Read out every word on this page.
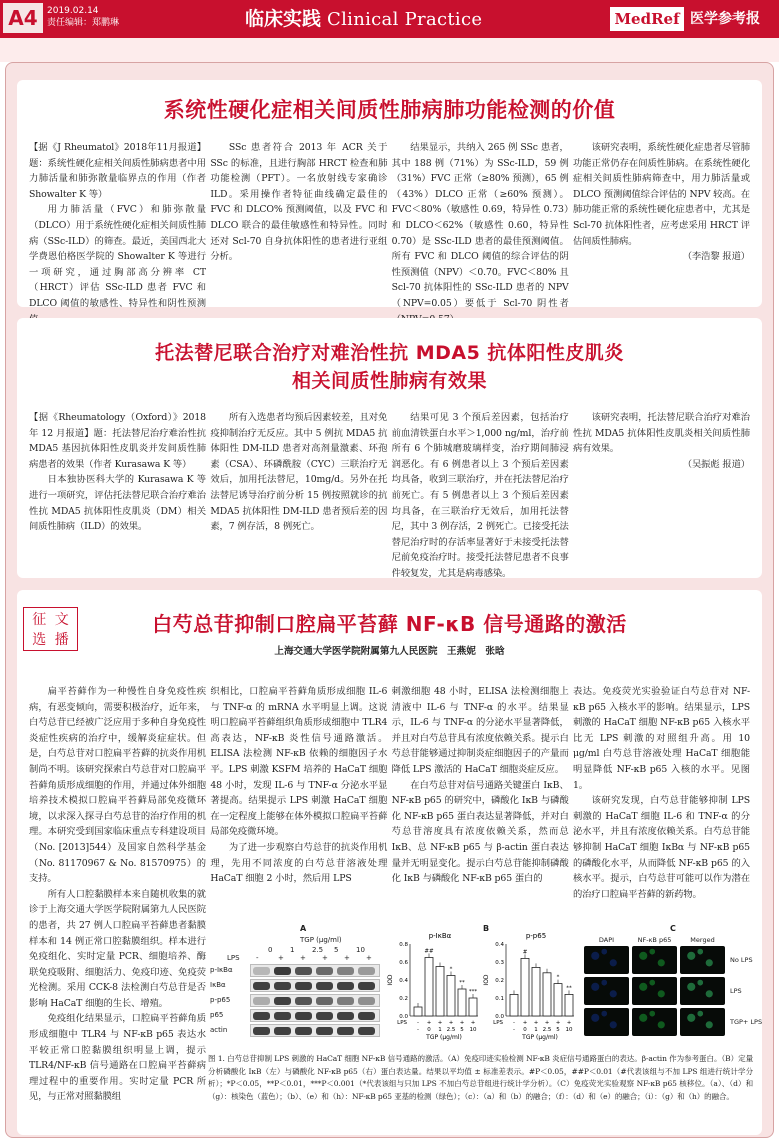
A4	2019.02.14
责任编辑：郑鹏琳	临床实践 Clinical Practice	MedRef 医学参考报
系统性硬化症相关间质性肺病肺功能检测的价值

【据《J Rheumatol》2018年11月报道】题：系统性硬化症相关间质性肺病患者中用力肺活量和肺弥散量临界点的作用（作者 Showalter K 等）

用力肺活量（FVC）和肺弥散量（DLCO）用于系统性硬化症相关间质性肺病（SSc-ILD）的筛查。最近，美国西北大学费恩伯格医学院的 Showalter K 等进行一项研究，通过胸部高分辨率 CT（HRCT）评估 SSc-ILD 患者 FVC 和 DLCO 阈值的敏感性、特异性和阴性预测

SSc 患者符合 2013 年 ACR 关于 SSc 的标准，且进行胸部 HRCT 检查和肺功能检测（PFT）。一名放射线专家确诊 ILD。采用操作者特征曲线确定最佳的 FVC 和 DLCO% 预测阈值，以及 FVC 和 DLCO 联合的最佳敏感性和特异性。同时还对 Scl-70 自身抗体阳性的患者进行亚组分析。

结果显示，共纳入 265 例 SSc 患者，其中 188 例（71%）为 SSc-ILD，59 例（31%）FVC 正常（≥80% 预测），65 例（43%）DLCO 正常（≥60% 预测）。FVC＜80%（敏感性 0.69，特异性 0.73）和 DLCO＜62%（敏感性 0.60，特异性 0.70）是 SSc-ILD 患者的最佳预测阈值。所有 FVC 和 DLCO 阈值的综合评估的阴性预测值（NPV）＜0.70。FVC＜80% 且 Scl-70 抗体阳性的 SSc-ILD 患者的 NPV（NPV=0.05）要低于 Scl-70 阴性者

该研究表明，系统性硬化症患者尽管肺功能正常仍存在间质性肺病。在系统性硬化症相关间质性肺病筛查中，用力肺活量或 DLCO 预测阈值综合评估的 NPV 较高。在肺功能正常的系统性硬化症患者中，尤其是 Scl-70 抗体阳性者，应考虑采用 HRCT 评估间质性肺病。

（李浩黎 报道）

托法替尼联合治疗对难治性抗 MDA5 抗体阳性皮肌炎
相关间质性肺病有效果

【据《Rheumatology（Oxford）》2018 年 12 月报道】题：托法替尼治疗难治性抗 MDA5 基因抗体阳性皮肌炎并发间质性肺病患者的效果（作者 Kurasawa K 等）

日本独协医科大学的 Kurasawa K 等进行一项研究，评估托法替尼联合治疗难治性抗 MDA5 抗体阳性皮肌炎（DM）相关间质性肺病（ILD）的效果。

所有入选患者均预后因素较差，且对免疫抑制治疗无反应。其中 5 例抗 MDA5 抗体阳性 DM-ILD 患者对高剂量激素、环孢素（CSA）、环磷酰胺（CYC）三联治疗无效后，加用托法替尼，10mg/d。另外在托法替尼诱导治疗前分析 15 例按照就诊的抗 MDA5 抗体阳性 DM-ILD 患者预后差的因素，7 例存活，8 例死亡。

结果可见 3 个预后差因素，包括治疗前血清铁蛋白水平＞1,000 ng/ml，治疗前所有 6 个肺城磨玻璃样变，治疗期间肺浸润恶化。有 6 例患者以上 3 个预后差因素均具备，收到三联治疗，并在托法替尼治疗前死亡。有 5 例患者以上 3 个预后差因素均具备，在三联治疗无效后，加用托法替尼，其中 3 例存活，2 例死亡。已接受托法替尼治疗时的存活率显著好于未接受托法替尼前免疫治疗时。接受托法替尼患者不良事件较复发，尤其是病毒感染。

该研究表明，托法替尼联合治疗对难治性抗 MDA5 抗体阳性皮肌炎相关间质性肺病有效果。

（吴振彪 报道）

征 文
选 播
白芍总苷抑制口腔扁平苔藓 NF-κB 信号通路的激活
上海交通大学医学院附属第九人民医院　王燕妮　张晗

扁平苔藓作为一种慢性自身免疫性疾病，有恶变倾向，需要积极治疗，近年来，白芍总苷已经被广泛应用于多种自身免疫性炎症性疾病的治疗中，缓解炎症症状。但是，白芍总苷对口腔扁平苔藓的抗炎作用机制尚不明。该研究探索白芍总苷对口腔扁平苔藓角质形成细胞的作用，并通过体外细胞培养技术模拟口腔扁平苔藓局部免疫微环境，以求深入探寻白芍总苷的治疗作用的机理。本研究受到国家临床重点专科建设项目（No. [2013]544）及国家自然科学基金（No. 81170967 & No. 81570975）的支持。

所有人口腔黏膜样本来自随机收集的就诊于上海交通大学医学院附属第九人民医院的患者，共 27 例人口腔扁平苔藓患者黏膜样本和 14 例正常口腔黏膜组织。样本进行免疫组化、实时定量 PCR、细胞培养、酶联免疫吸附、细胞活力、免疫印迹、免疫荧光检测。采用 CCK-8 法检测白芍总苷是否影响 HaCaT 细胞的生长、增殖。

免疫组化结果显示，口腔扁平苔藓角质形成细胞中 TLR4 与 NF-κB p65 表达水平较正常口腔黏膜组织明显上调，提示 TLR4/NF-κB 信号通路在口腔扁平苔藓病理过程中的重要作用。实时定量 PCR 所见，与正常对照黏膜组

织相比，口腔扁平苔藓角质形成细胞 IL-6 与 TNF-α 的 mRNA 水平明显上调。这说明口腔扁平苔藓组织角质形成细胞中 TLR4 高表达，NF-κB 炎性信号通路激活。ELISA 法检测 NF-κB 依赖的细胞因子水平。LPS 刺激 KSFM 培养的 HaCaT 细胞 48 小时，发现 IL-6 与 TNF-α 分泌水平显著提高。结果提示 LPS 刺激 HaCaT 细胞在一定程度上能够在体外模拟口腔扁平苔藓局部免疫微环境。

为了进一步观察白芍总苷的抗炎作用机理，先用不同浓度的白芍总苷溶液处理 HaCaT 细胞 2 小时，然后用 LPS

刺激细胞 48 小时，ELISA 法检测细胞上清液中 IL-6 与 TNF-α 的水平。结果显示，IL-6 与 TNF-α 的分泌水平显著降低，并且对白芍总苷具有浓度依赖关系。提示白芍总苷能够通过抑制炎症细胞因子的产量而降低 LPS 激活的 HaCaT 细胞炎症反应。

在白芍总苷对信号通路关键蛋白 IκB、NF-κB p65 的研究中，磷酸化 IκB 与磷酸化 NF-κB p65 蛋白表达显著降低，并对白芍总苷溶度具有浓度依赖关系，然而总 IκB、总 NF-κB p65 与 β-actin 蛋白表达量并无明显变化。提示白芍总苷能抑制磷酸化 IκB 与磷酸化 NF-κB p65 蛋白的

表达。免疫荧光实验验证白芍总苷对 NF-κB p65 入核水平的影响。结果显示，LPS 刺激的 HaCaT 细胞 NF-κB p65 入核水平比无 LPS 刺激的对照组升高。用 10 μg/ml 白芍总苷溶液处理 HaCaT 细胞能明显降低 NF-κB p65 入核的水平。见图 1。

该研究发现，白芍总苷能够抑制 LPS 刺激的 HaCaT 细胞 IL-6 和 TNF-α 的分泌水平，并且有浓度依赖关系。白芍总苷能够抑制 HaCaT 细胞 IκBα 与 NF-κB p65 的磷酸化水平，从而降低 NF-κB p65 的入核水平。提示，白芍总苷可能可以作为潜在的治疗口腔扁平苔藓的新药物。

A
TGP (μg/ml)
0	1	2.5 5	10
LPS -	+ + + + +
p-IκBα
IκBα
p-p65
p65
actin
B
p-IκBα
0.8
0.6
0.4
0.2
0.0
IOD
-
-
##
+
0
+
1
*
+
2.5
**
+
5
***
+
10
LPS
TGP (μg/ml)
p-p65
0.4
0.3
0.2
0.1
0.0
IOD
-
-
#
+
0
+
1
+
2.5
*
+
5
**
+
10
LPS
TGP (μg/ml)
C
DAPI	NF-κB p65	Merged
No LPS
LPS
TGP+ LPS
图 1. 白芍总苷抑制 LPS 刺激的 HaCaT 细胞 NF-κB 信号通路的激活。（A）免疫印迹实验检测 NF-κB 炎症信号通路蛋白的表达。β-actin 作为参考蛋白。（B）定量分析磷酸化 IκB（左）与磷酸化 NF-κB p65（右）蛋白表达量。结果以平均值 ± 标准差表示。#P＜0.05，##P＜0.01（#代表该组与不加 LPS 组进行统计学分析）；*P＜0.05，**P＜0.01，***P＜0.001（*代表该组与只加 LPS 不加白芍总苷组进行统计学分析）。（C）免疫荧光实验观察 NF-κB p65 核移位。（a）、（d）和（g）：核染色（蓝色）；（b）、（e）和（h）：NF-κB p65 亚基的检测（绿色）；（c）：（a）和（b）的融合；（f）：（d）和（e）的融合；（i）：（g）和（h）的融合。
